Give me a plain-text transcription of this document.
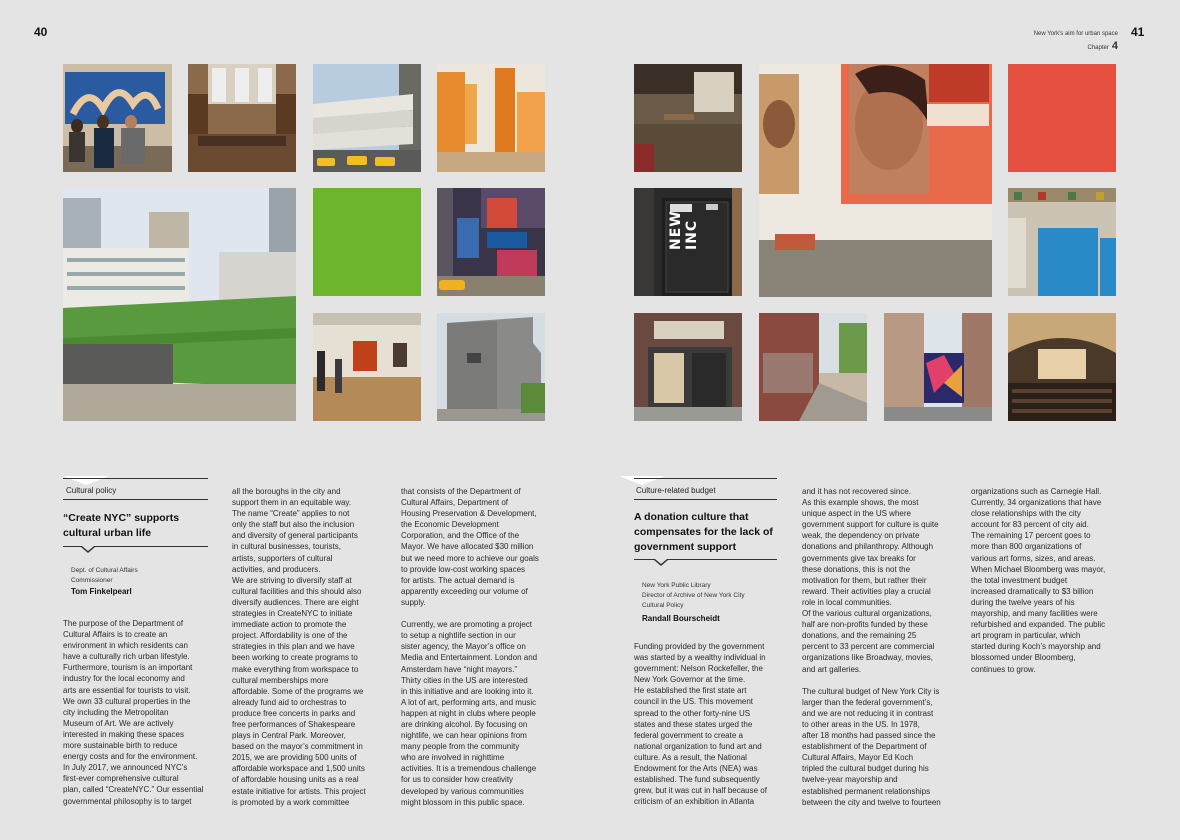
40
Cultural policy
“Create NYC” supports
cultural urban life
Dept. of Cultural Affairs
Commissioner
Tom Finkelpearl
The purpose of the Department of
Cultural Affairs is to create an
environment in which residents can
have a culturally rich urban lifestyle.
Furthermore, tourism is an important
industry for the local economy and
arts are essential for tourists to visit.
We own 33 cultural properties in the
city including the Metropolitan
Museum of Art. We are actively
interested in making these spaces
more sustainable birth to reduce
energy costs and for the environment.
In July 2017, we announced NYC’s
first-ever comprehensive cultural
plan, called “CreateNYC.” Our essential
governmental philosophy is to target
all the boroughs in the city and
support them in an equitable way.
The name “Create” applies to not
only the staff but also the inclusion
and diversity of general participants
in cultural businesses, tourists,
artists, supporters of cultural
activities, and producers.
We are striving to diversify staff at
cultural facilities and this should also
diversify audiences. There are eight
strategies in CreateNYC to initiate
immediate action to promote the
project. Affordability is one of the
strategies in this plan and we have
been working to create programs to
make everything from workspace to
cultural memberships more
affordable. Some of the programs we
already fund aid to orchestras to
produce free concerts in parks and
free performances of Shakespeare
plays in Central Park. Moreover,
based on the mayor’s commitment in
2015, we are providing 500 units of
affordable workspace and 1,500 units
of affordable housing units as a real
estate initiative for artists. This project
is promoted by a work committee
that consists of the Department of
Cultural Affairs, Department of
Housing Preservation & Development,
the Economic Development
Corporation, and the Office of the
Mayor. We have allocated $30 million
but we need more to achieve our goals
to provide low-cost working spaces
for artists. The actual demand is
apparently exceeding our volume of
supply.

Currently, we are promoting a project
to setup a nightlife section in our
sister agency, the Mayor’s office on
Media and Entertainment. London and
Amsterdam have “night mayors.”
Thirty cities in the US are interested
in this initiative and are looking into it.
A lot of art, performing arts, and music
happen at night in clubs where people
are drinking alcohol. By focusing on
nightlife, we can hear opinions from
many people from the community
who are involved in nighttime
activities. It is a tremendous challenge
for us to consider how creativity
developed by various communities
might blossom in this public space.
New York’s aim for urban space
Chapter 4
41
NEW INC
Culture-related budget
A donation culture that
compensates for the lack of
government support
New York Public Library
Director of Archive of New York City
Cultural Policy
Randall Bourscheidt
Funding provided by the government
was started by a wealthy individual in
government: Nelson Rockefeller, the
New York Governor at the time.
He established the first state art
council in the US. This movement
spread to the other forty-nine US
states and these states urged the
federal government to create a
national organization to fund art and
culture. As a result, the National
Endowment for the Arts (NEA) was
established. The fund subsequently
grew, but it was cut in half because of
criticism of an exhibition in Atlanta
and it has not recovered since.
As this example shows, the most
unique aspect in the US where
government support for culture is quite
weak, the dependency on private
donations and philanthropy. Although
governments give tax breaks for
these donations, this is not the
motivation for them, but rather their
reward. Their activities play a crucial
role in local communities.
Of the various cultural organizations,
half are non-profits funded by these
donations, and the remaining 25
percent to 33 percent are commercial
organizations like Broadway, movies,
and art galleries.

The cultural budget of New York City is
larger than the federal government’s,
and we are not reducing it in contrast
to other areas in the US. In 1978,
after 18 months had passed since the
establishment of the Department of
Cultural Affairs, Mayor Ed Koch
tripled the cultural budget during his
twelve-year mayorship and
established permanent relationships
between the city and twelve to fourteen
organizations such as Carnegie Hall.
Currently, 34 organizations that have
close relationships with the city
account for 83 percent of city aid.
The remaining 17 percent goes to
more than 800 organizations of
various art forms, sizes, and areas.
When Michael Bloomberg was mayor,
the total investment budget
increased dramatically to $3 billion
during the twelve years of his
mayorship, and many facilities were
refurbished and expanded. The public
art program in particular, which
started during Koch’s mayorship and
blossomed under Bloomberg,
continues to grow.
